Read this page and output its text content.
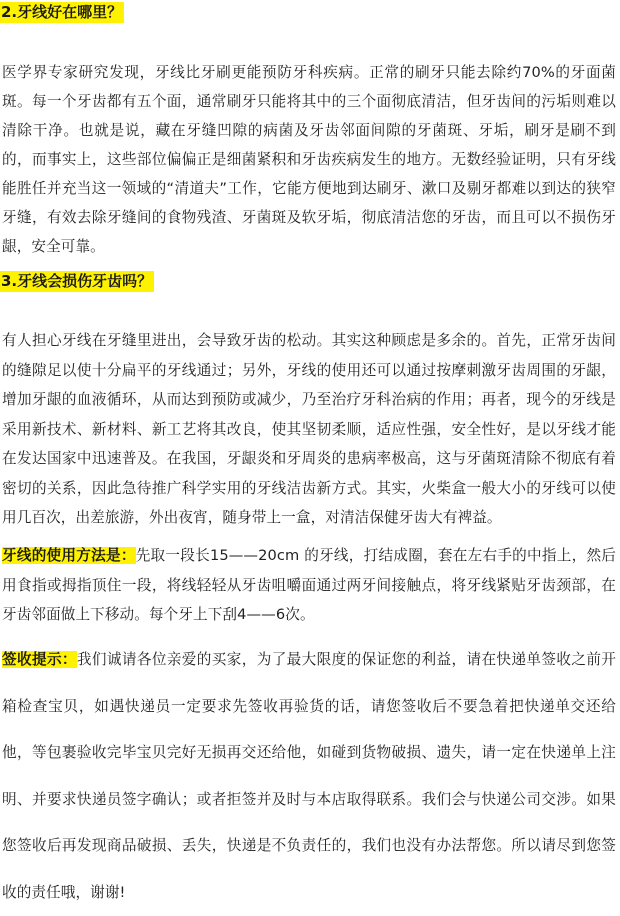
2.牙线好在哪里？
医学界专家研究发现，牙线比牙刷更能预防牙科疾病。正常的刷牙只能去除约70%的牙面菌斑。每一个牙齿都有五个面，通常刷牙只能将其中的三个面彻底清洁，但牙齿间的污垢则难以清除干净。也就是说，藏在牙缝凹隙的病菌及牙齿邻面间隙的牙菌斑、牙垢，刷牙是刷不到的，而事实上，这些部位偏偏正是细菌紧积和牙齿疾病发生的地方。无数经验证明，只有牙线能胜任并充当这一领域的“清道夫”工作，它能方便地到达刷牙、漱口及剔牙都难以到达的狭窄牙缝，有效去除牙缝间的食物残渣、牙菌斑及软牙垢，彻底清洁您的牙齿，而且可以不损伤牙龈，安全可靠。
3.牙线会损伤牙齿吗？
有人担心牙线在牙缝里进出，会导致牙齿的松动。其实这种顾虑是多余的。首先，正常牙齿间的缝隙足以使十分扁平的牙线通过；另外，牙线的使用还可以通过按摩刺激牙齿周围的牙龈，增加牙龈的血液循环，从而达到预防或减少，乃至治疗牙科治病的作用；再者，现今的牙线是采用新技术、新材料、新工艺将其改良，使其坚韧柔顺，适应性强，安全性好，是以牙线才能在发达国家中迅速普及。在我国，牙龈炎和牙周炎的患病率极高，这与牙菌斑清除不彻底有着密切的关系，因此急待推广科学实用的牙线洁齿新方式。其实，火柴盒一般大小的牙线可以使用几百次，出差旅游，外出夜宵，随身带上一盒，对清洁保健牙齿大有裨益。
牙线的使用方法是：先取一段长15——20cm 的牙线，打结成圈，套在左右手的中指上，然后用食指或拇指顶住一段，将线轻轻从牙齿咀嚼面通过两牙间接触点，将牙线紧贴牙齿颈部，在牙齿邻面做上下移动。每个牙上下刮4——6次。
签收提示：我们诚请各位亲爱的买家，为了最大限度的保证您的利益，请在快递单签收之前开箱检查宝贝，如遇快递员一定要求先签收再验货的话，请您签收后不要急着把快递单交还给他，等包裹验收完毕宝贝完好无损再交还给他，如碰到货物破损、遗失，请一定在快递单上注明、并要求快递员签字确认；或者拒签并及时与本店取得联系。我们会与快递公司交涉。如果您签收后再发现商品破损、丢失，快递是不负责任的，我们也没有办法帮您。所以请尽到您签收的责任哦，谢谢!
